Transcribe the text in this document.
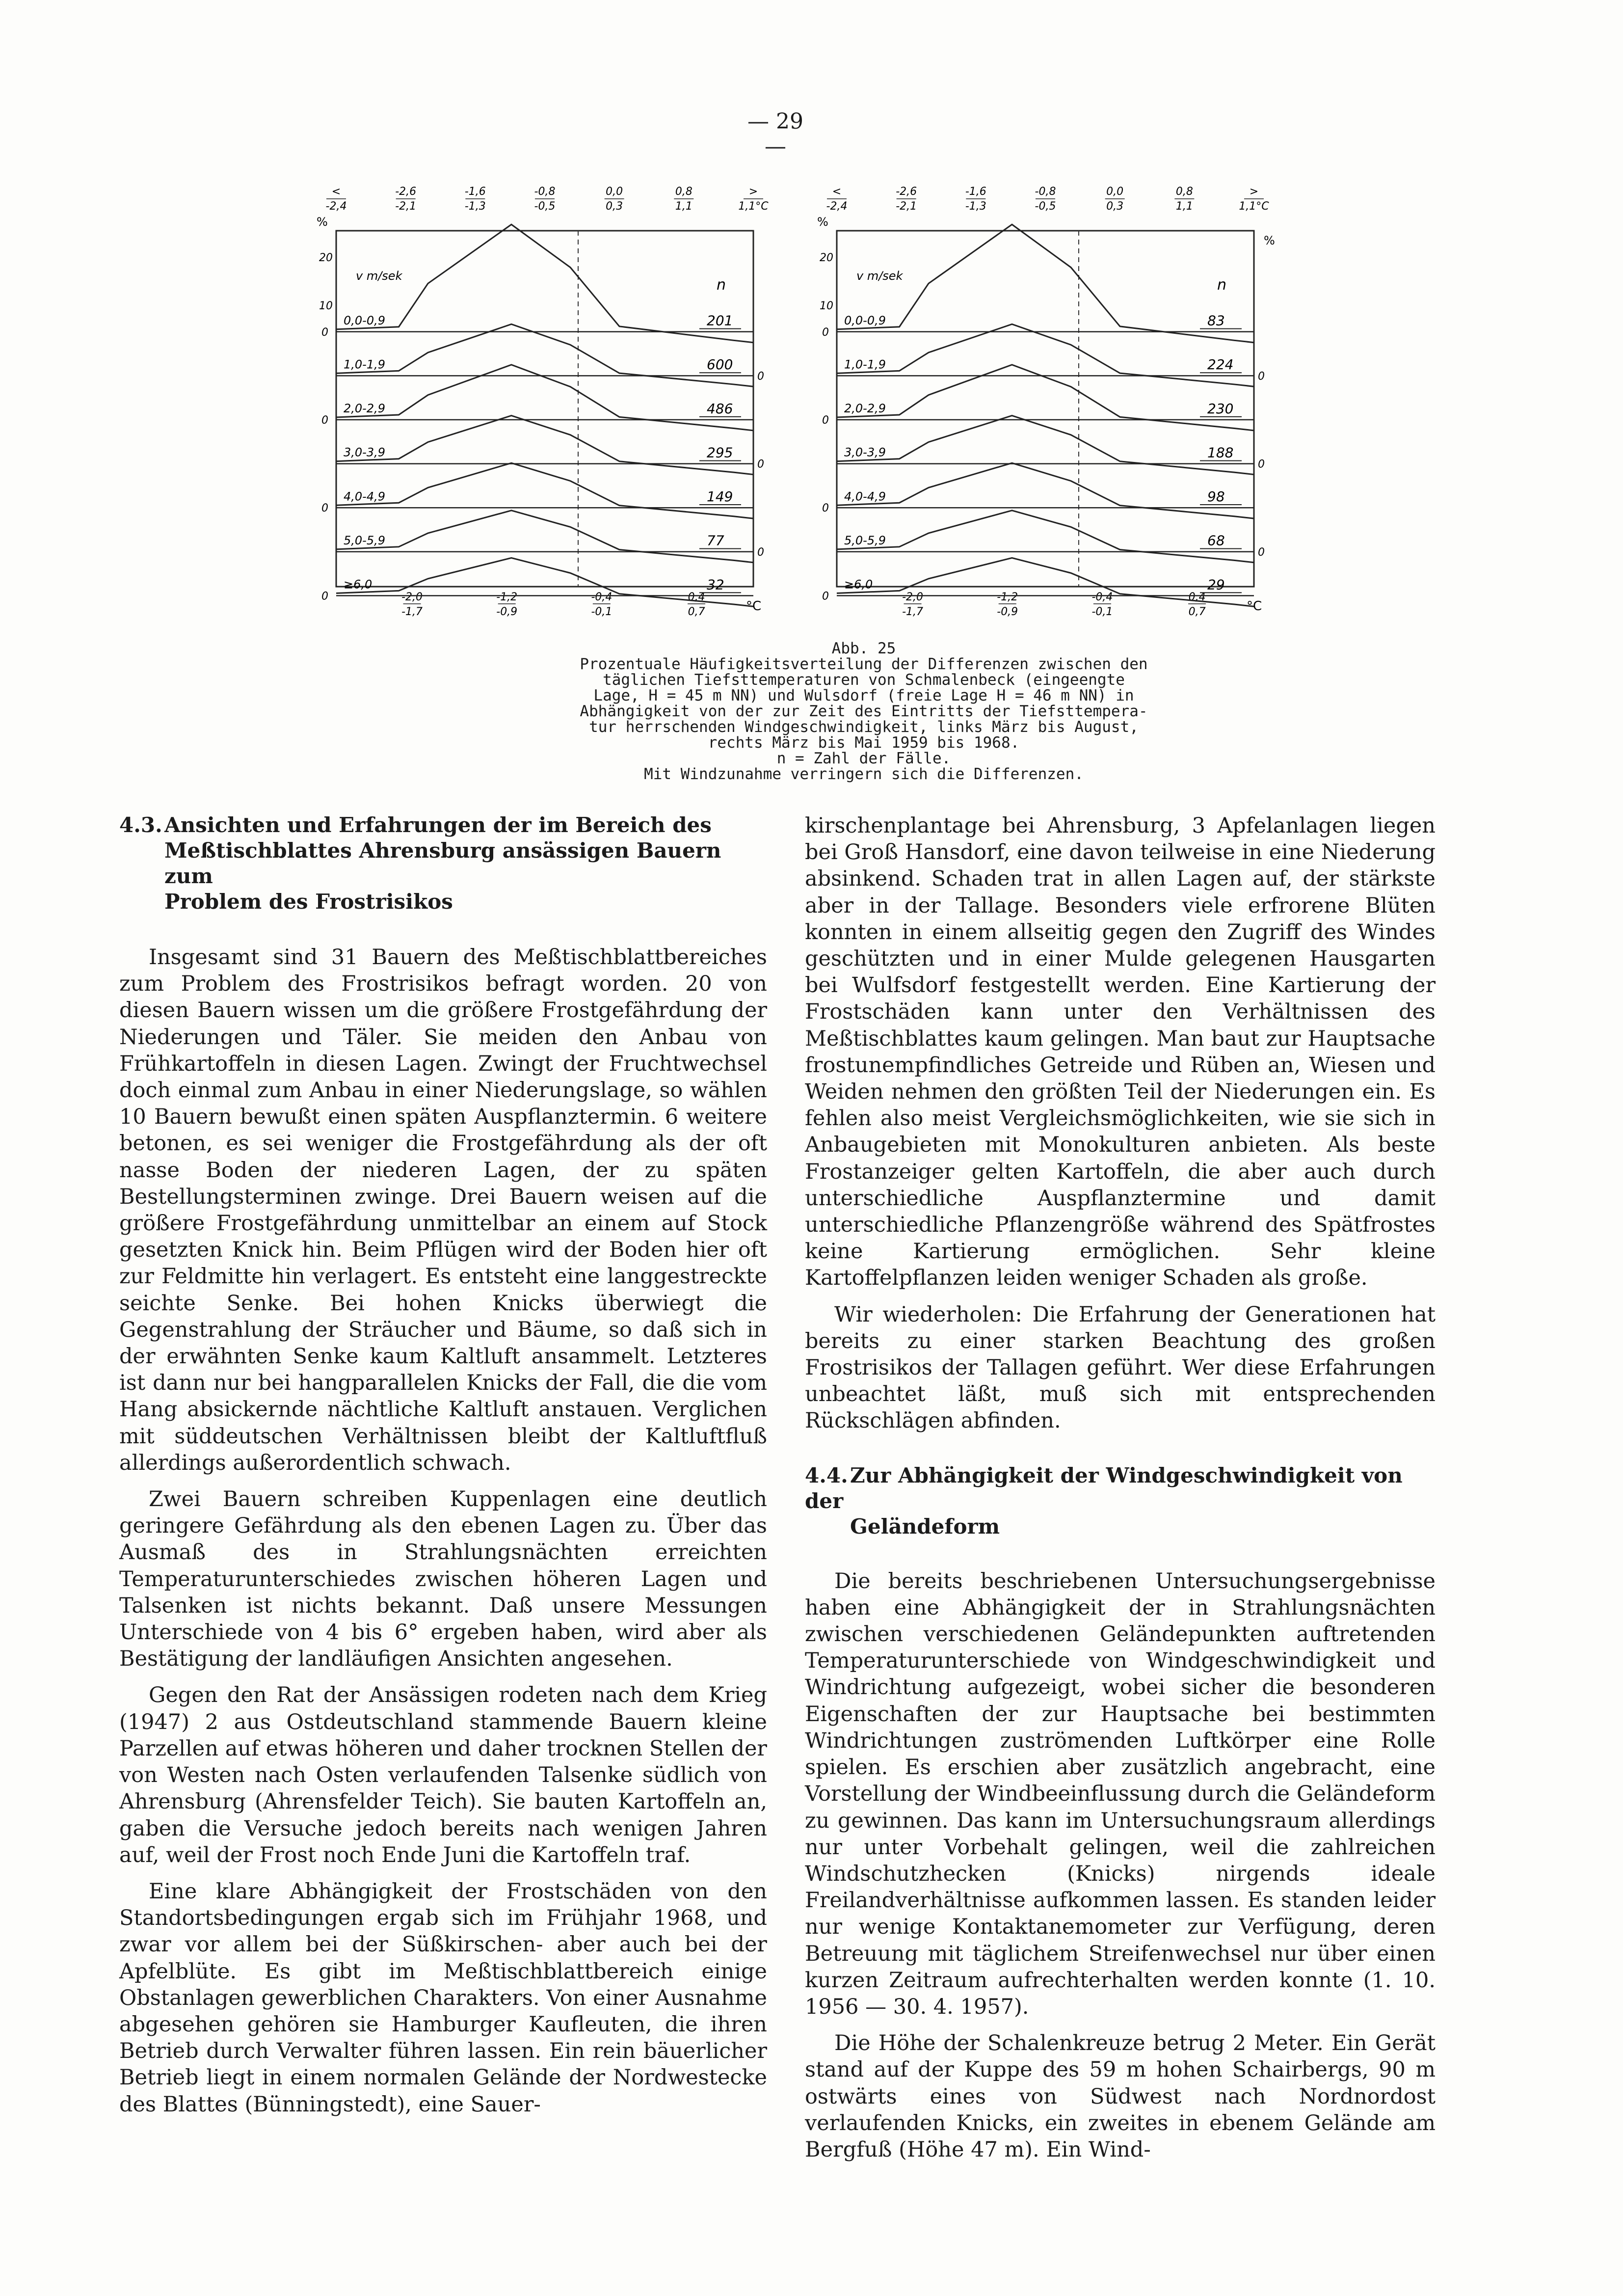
— 29 —
<
-2,4
-2,6
-2,1
-1,6
-1,3
-0,8
-0,5
0,0
0,3
0,8
1,1
>
1,1°C
-2,0
-1,7
-1,2
-0,9
-0,4
-0,1
0,4
0,7	°C
%
20
10
v m/sek
n
0
0,0-0,9	201
0
1,0-1,9	600
0
2,0-2,9	486
0
3,0-3,9	295
0
4,0-4,9	149
0
5,0-5,9	77
0
≥6,0	32
<
-2,4
-2,6
-2,1
-1,6
-1,3
-0,8
-0,5
0,0
0,3
0,8
1,1
>
1,1°C
-2,0
-1,7
-1,2
-0,9
-0,4
-0,1
0,4
0,7	°C
%
%
20
10
v m/sek
n
0
0,0-0,9	83
0
1,0-1,9	224
0
2,0-2,9	230
0
3,0-3,9	188
0
4,0-4,9	98
0
5,0-5,9	68
0
≥6,0	29
Abb. 25
Prozentuale Häufigkeitsverteilung der Differenzen zwischen den
täglichen Tiefsttemperaturen von Schmalenbeck (eingeengte
Lage, H = 45 m NN) und Wulsdorf (freie Lage H = 46 m NN) in
Abhängigkeit von der zur Zeit des Eintritts der Tiefsttempera-
tur herrschenden Windgeschwindigkeit, links März bis August,
rechts März bis Mai 1959 bis 1968.
n = Zahl der Fälle.
Mit Windzunahme verringern sich die Differenzen.
4.3. Ansichten und Erfahrungen der im Bereich des
Meßtischblattes Ahrensburg ansässigen Bauern zum
Problem des Frostrisikos

Insgesamt sind 31 Bauern des Meßtischblattbereiches zum Problem des Frostrisikos befragt worden. 20 von diesen Bauern wissen um die größere Frostgefährdung der Niederungen und Täler. Sie meiden den Anbau von Frühkartoffeln in diesen Lagen. Zwingt der Fruchtwechsel doch einmal zum Anbau in einer Niederungslage, so wählen 10 Bauern bewußt einen späten Auspflanztermin. 6 weitere betonen, es sei weniger die Frostgefährdung als der oft nasse Boden der niederen Lagen, der zu späten Bestellungsterminen zwinge. Drei Bauern weisen auf die größere Frostgefährdung unmittelbar an einem auf Stock gesetzten Knick hin. Beim Pflügen wird der Boden hier oft zur Feldmitte hin verlagert. Es entsteht eine langgestreckte seichte Senke. Bei hohen Knicks überwiegt die Gegenstrahlung der Sträucher und Bäume, so daß sich in der erwähnten Senke kaum Kaltluft ansammelt. Letzteres ist dann nur bei hangparallelen Knicks der Fall, die die vom Hang absickernde nächtliche Kaltluft anstauen. Verglichen mit süddeutschen Verhältnissen bleibt der Kaltluftfluß allerdings außerordentlich schwach.

Zwei Bauern schreiben Kuppenlagen eine deutlich geringere Gefährdung als den ebenen Lagen zu. Über das Ausmaß des in Strahlungsnächten erreichten Temperaturunterschiedes zwischen höheren Lagen und Talsenken ist nichts bekannt. Daß unsere Messungen Unterschiede von 4 bis 6° ergeben haben, wird aber als Bestätigung der landläufigen Ansichten angesehen.

Gegen den Rat der Ansässigen rodeten nach dem Krieg (1947) 2 aus Ostdeutschland stammende Bauern kleine Parzellen auf etwas höheren und daher trocknen Stellen der von Westen nach Osten verlaufenden Talsenke südlich von Ahrensburg (Ahrensfelder Teich). Sie bauten Kartoffeln an, gaben die Versuche jedoch bereits nach wenigen Jahren auf, weil der Frost noch Ende Juni die Kartoffeln traf.

Eine klare Abhängigkeit der Frostschäden von den Standortsbedingungen ergab sich im Frühjahr 1968, und zwar vor allem bei der Süßkirschen- aber auch bei der Apfelblüte. Es gibt im Meßtischblattbereich einige Obstanlagen gewerblichen Charakters. Von einer Ausnahme abgesehen gehören sie Hamburger Kaufleuten, die ihren Betrieb durch Verwalter führen lassen. Ein rein bäuerlicher Betrieb liegt in einem normalen Gelände der Nordwestecke des Blattes (Bünningstedt), eine Sauer-

kirschenplantage bei Ahrensburg, 3 Apfelanlagen liegen bei Groß Hansdorf, eine davon teilweise in eine Niederung absinkend. Schaden trat in allen Lagen auf, der stärkste aber in der Tallage. Besonders viele erfrorene Blüten konnten in einem allseitig gegen den Zugriff des Windes geschützten und in einer Mulde gelegenen Hausgarten bei Wulfsdorf festgestellt werden. Eine Kartierung der Frostschäden kann unter den Verhältnissen des Meßtischblattes kaum gelingen. Man baut zur Hauptsache frostunempfindliches Getreide und Rüben an, Wiesen und Weiden nehmen den größten Teil der Niederungen ein. Es fehlen also meist Vergleichsmöglichkeiten, wie sie sich in Anbaugebieten mit Monokulturen anbieten. Als beste Frostanzeiger gelten Kartoffeln, die aber auch durch unterschiedliche Auspflanztermine und damit unterschiedliche Pflanzengröße während des Spätfrostes keine Kartierung ermöglichen. Sehr kleine Kartoffelpflanzen leiden weniger Schaden als große.

Wir wiederholen: Die Erfahrung der Generationen hat bereits zu einer starken Beachtung des großen Frostrisikos der Tallagen geführt. Wer diese Erfahrungen unbeachtet läßt, muß sich mit entsprechenden Rückschlägen abfinden.

4.4. Zur Abhängigkeit der Windgeschwindigkeit von der
Geländeform

Die bereits beschriebenen Untersuchungsergebnisse haben eine Abhängigkeit der in Strahlungsnächten zwischen verschiedenen Geländepunkten auftretenden Temperaturunterschiede von Windgeschwindigkeit und Windrichtung aufgezeigt, wobei sicher die besonderen Eigenschaften der zur Hauptsache bei bestimmten Windrichtungen zuströmenden Luftkörper eine Rolle spielen. Es erschien aber zusätzlich angebracht, eine Vorstellung der Windbeeinflussung durch die Geländeform zu gewinnen. Das kann im Untersuchungsraum allerdings nur unter Vorbehalt gelingen, weil die zahlreichen Windschutzhecken (Knicks) nirgends ideale Freilandverhältnisse aufkommen lassen. Es standen leider nur wenige Kontaktanemometer zur Verfügung, deren Betreuung mit täglichem Streifenwechsel nur über einen kurzen Zeitraum aufrechterhalten werden konnte (1. 10. 1956 — 30. 4. 1957).

Die Höhe der Schalenkreuze betrug 2 Meter. Ein Gerät stand auf der Kuppe des 59 m hohen Schairbergs, 90 m ostwärts eines von Südwest nach Nordnordost verlaufenden Knicks, ein zweites in ebenem Gelände am Bergfuß (Höhe 47 m). Ein Wind-
